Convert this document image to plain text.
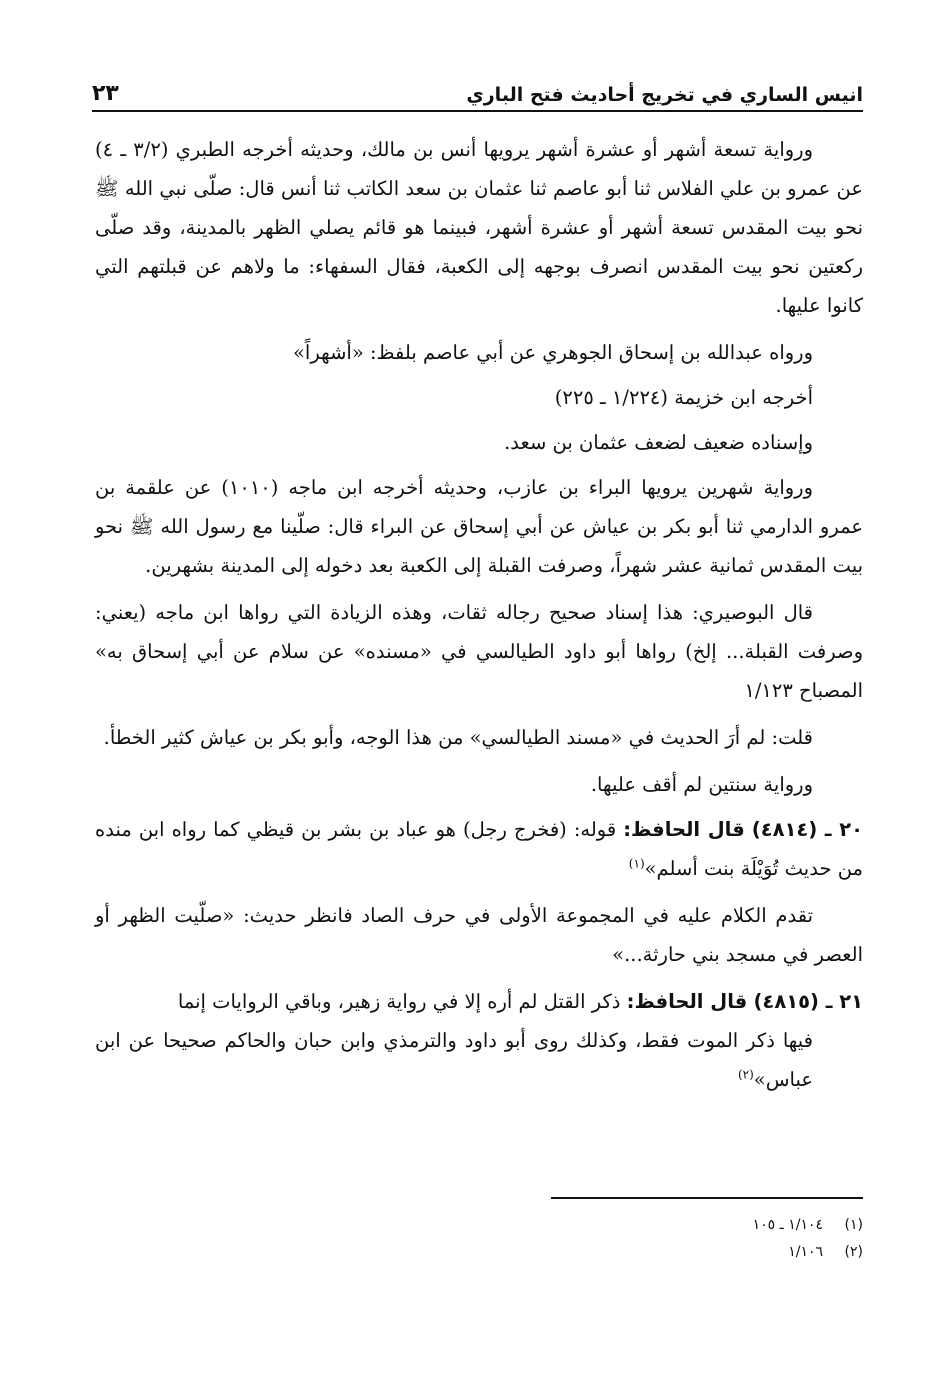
انيس الساري في تخريج أحاديث فتح الباري
٢٣

ورواية تسعة أشهر أو عشرة أشهر يرويها أنس بن مالك، وحديثه أخرجه الطبري (٣/٢ ـ ٤) عن عمرو بن علي الفلاس ثنا أبو عاصم ثنا عثمان بن سعد الكاتب ثنا أنس قال: صلّى نبي الله ﷺ نحو بيت المقدس تسعة أشهر أو عشرة أشهر، فبينما هو قائم يصلي الظهر بالمدينة، وقد صلّى ركعتين نحو بيت المقدس انصرف بوجهه إلى الكعبة، فقال السفهاء: ما ولاهم عن قبلتهم التي كانوا عليها.

ورواه عبدالله بن إسحاق الجوهري عن أبي عاصم بلفظ: «أشهراً»

أخرجه ابن خزيمة (١/٢٢٤ ـ ٢٢٥)

وإسناده ضعيف لضعف عثمان بن سعد.

ورواية شهرين يرويها البراء بن عازب، وحديثه أخرجه ابن ماجه (١٠١٠) عن علقمة بن عمرو الدارمي ثنا أبو بكر بن عياش عن أبي إسحاق عن البراء قال: صلّينا مع رسول الله ﷺ نحو بيت المقدس ثمانية عشر شهراً، وصرفت القبلة إلى الكعبة بعد دخوله إلى المدينة بشهرين.

قال البوصيري: هذا إسناد صحيح رجاله ثقات، وهذه الزيادة التي رواها ابن ماجه (يعني: وصرفت القبلة... إلخ) رواها أبو داود الطيالسي في «مسنده» عن سلام عن أبي إسحاق به» المصباح ١/١٢٣

قلت: لم أرَ الحديث في «مسند الطيالسي» من هذا الوجه، وأبو بكر بن عياش كثير الخطأ.

ورواية سنتين لم أقف عليها.

٢٠ ـ (٤٨١٤) قال الحافظ: قوله: (فخرج رجل) هو عباد بن بشر بن قيظي كما رواه ابن منده من حديث تُوَيْلَة بنت أسلم»$^{(١)}$

تقدم الكلام عليه في المجموعة الأولى في حرف الصاد فانظر حديث: «صلّيت الظهر أو العصر في مسجد بني حارثة...»

٢١ ـ (٤٨١٥) قال الحافظ: ذكر القتل لم أره إلا في رواية زهير، وباقي الروايات إنما

فيها ذكر الموت فقط، وكذلك روى أبو داود والترمذي وابن حبان والحاكم صحيحا عن ابن عباس»$^{(٢)}$

(١)
١/١٠٤ ـ ١٠٥
(٢)
١/١٠٦
